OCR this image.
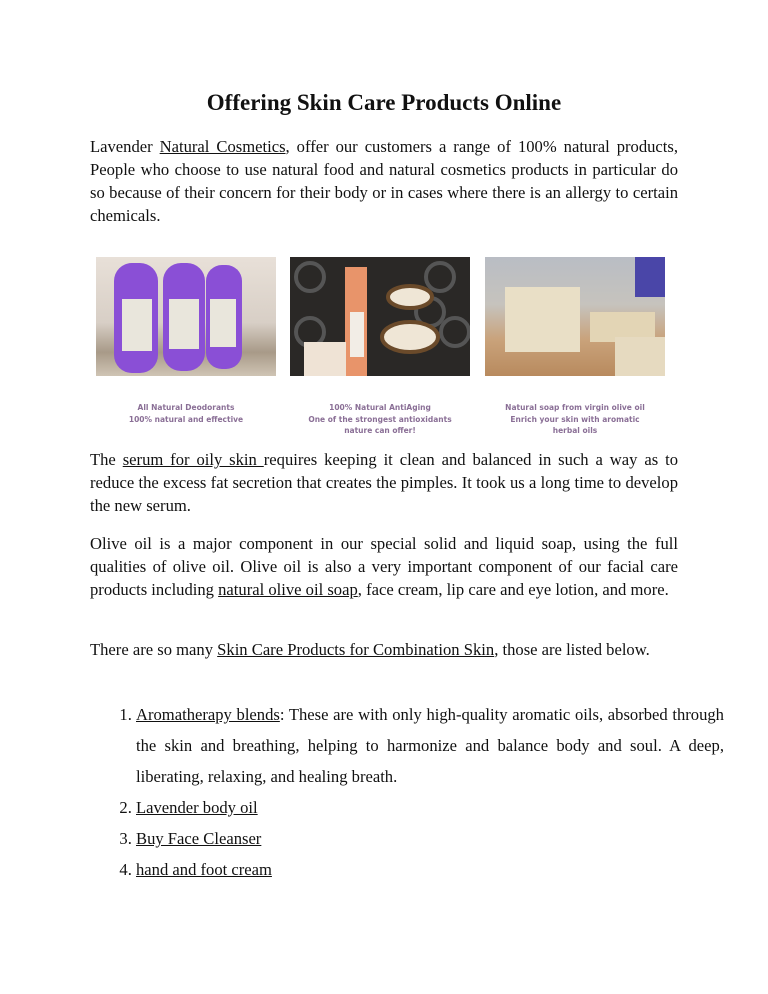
Offering Skin Care Products Online

Lavender Natural Cosmetics, offer our customers a range of 100% natural products, People who choose to use natural food and natural cosmetics products in particular do so because of their concern for their body or in cases where there is an allergy to certain chemicals.

All Natural Deodorants
100% natural and effective
100% Natural AntiAging
One of the strongest antioxidants
nature can offer!
Natural soap from virgin olive oil
Enrich your skin with aromatic
herbal oils

The serum for oily skin requires keeping it clean and balanced in such a way as to reduce the excess fat secretion that creates the pimples. It took us a long time to develop the new serum.

Olive oil is a major component in our special solid and liquid soap, using the full qualities of olive oil. Olive oil is also a very important component of our facial care products including natural olive oil soap, face cream, lip care and eye lotion, and more.

There are so many Skin Care Products for Combination Skin, those are listed below.

1. Aromatherapy blends: These are with only high-quality aromatic oils, absorbed through the skin and breathing, helping to harmonize and balance body and soul. A deep, liberating, relaxing, and healing breath.
2. Lavender body oil
3. Buy Face Cleanser
4. hand and foot cream
